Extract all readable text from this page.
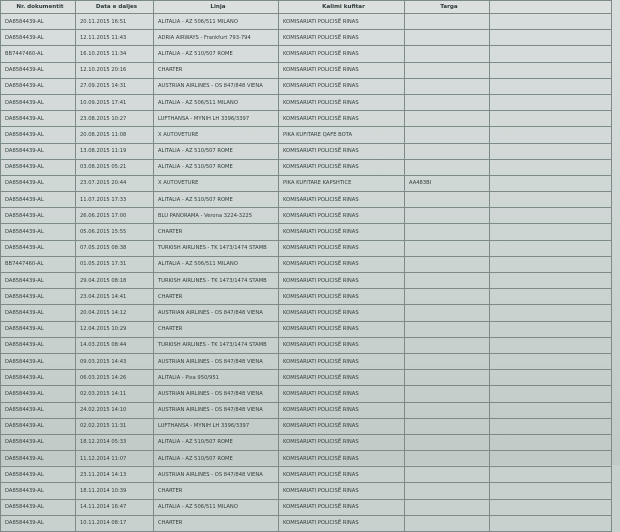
Nr. dokumentit	Data e daljes	Linja	Kalimi kufitar	Targa	
DA8584439-AL	20.11.2015 16:51	ALITALIA - AZ 506/511 MILANO	KOMISARIATI POLICISË RINAS		
DA8584439-AL	12.11.2015 11:43	ADRIA AIRWAYS - Frankfurt 793-794	KOMISARIATI POLICISË RINAS		
BB7447460-AL	16.10.2015 11:34	ALITALIA - AZ 510/507 ROME	KOMISARIATI POLICISË RINAS		
DA8584439-AL	12.10.2015 20:16	CHARTER	KOMISARIATI POLICISË RINAS		
DA8584439-AL	27.09.2015 14:31	AUSTRIAN AIRLINES - OS 847/848 VIENA	KOMISARIATI POLICISË RINAS		
DA8584439-AL	10.09.2015 17:41	ALITALIA - AZ 506/511 MILANO	KOMISARIATI POLICISË RINAS		
DA8584439-AL	23.08.2015 10:27	LUFTHANSA - MYNIH LH 3396/3397	KOMISARIATI POLICISË RINAS		
DA8584439-AL	20.08.2015 11:08	X AUTOVETURE	PIKA KUFITARE QAFE BOTA		
DA8584439-AL	13.08.2015 11:19	ALITALIA - AZ 510/507 ROME	KOMISARIATI POLICISË RINAS		
DA8584439-AL	03.08.2015 05:21	ALITALIA - AZ 510/507 ROME	KOMISARIATI POLICISË RINAS		
DA8584439-AL	23.07.2015 20:44	X AUTOVETURE	PIKA KUFITARE KAPSHTICE	AA483BI	
DA8584439-AL	11.07.2015 17:33	ALITALIA - AZ 510/507 ROME	KOMISARIATI POLICISË RINAS		
DA8584439-AL	26.06.2015 17:00	BLU PANORAMA - Verona 3224-3225	KOMISARIATI POLICISË RINAS		
DA8584439-AL	05.06.2015 15:55	CHARTER	KOMISARIATI POLICISË RINAS		
DA8584439-AL	07.05.2015 08:38	TURKISH AIRLINES - TK 1473/1474 STAMB	KOMISARIATI POLICISË RINAS		
BB7447460-AL	01.05.2015 17:31	ALITALIA - AZ 506/511 MILANO	KOMISARIATI POLICISË RINAS		
DA8584439-AL	29.04.2015 08:18	TURKISH AIRLINES - TK 1473/1474 STAMB	KOMISARIATI POLICISË RINAS		
DA8584439-AL	23.04.2015 14:41	CHARTER	KOMISARIATI POLICISË RINAS		
DA8584439-AL	20.04.2015 14:12	AUSTRIAN AIRLINES - OS 847/848 VIENA	KOMISARIATI POLICISË RINAS		
DA8584439-AL	12.04.2015 10:29	CHARTER	KOMISARIATI POLICISË RINAS		
DA8584439-AL	14.03.2015 08:44	TURKISH AIRLINES - TK 1473/1474 STAMB	KOMISARIATI POLICISË RINAS		
DA8584439-AL	09.03.2015 14:43	AUSTRIAN AIRLINES - OS 847/848 VIENA	KOMISARIATI POLICISË RINAS		
DA8584439-AL	06.03.2015 14:26	ALITALIA - Pisa 950/951	KOMISARIATI POLICISË RINAS		
DA8584439-AL	02.03.2015 14:11	AUSTRIAN AIRLINES - OS 847/848 VIENA	KOMISARIATI POLICISË RINAS		
DA8584439-AL	24.02.2015 14:10	AUSTRIAN AIRLINES - OS 847/848 VIENA	KOMISARIATI POLICISË RINAS		
DA8584439-AL	02.02.2015 11:31	LUFTHANSA - MYNIH LH 3396/3397	KOMISARIATI POLICISË RINAS		
DA8584439-AL	18.12.2014 05:33	ALITALIA - AZ 510/507 ROME	KOMISARIATI POLICISË RINAS		
DA8584439-AL	11.12.2014 11:07	ALITALIA - AZ 510/507 ROME	KOMISARIATI POLICISË RINAS		
DA8584439-AL	23.11.2014 14:13	AUSTRIAN AIRLINES - OS 847/848 VIENA	KOMISARIATI POLICISË RINAS		
DA8584439-AL	18.11.2014 10:39	CHARTER	KOMISARIATI POLICISË RINAS		
DA8584439-AL	14.11.2014 16:47	ALITALIA - AZ 506/511 MILANO	KOMISARIATI POLICISË RINAS		
DA8584439-AL	10.11.2014 08:17	CHARTER	KOMISARIATI POLICISË RINAS		
